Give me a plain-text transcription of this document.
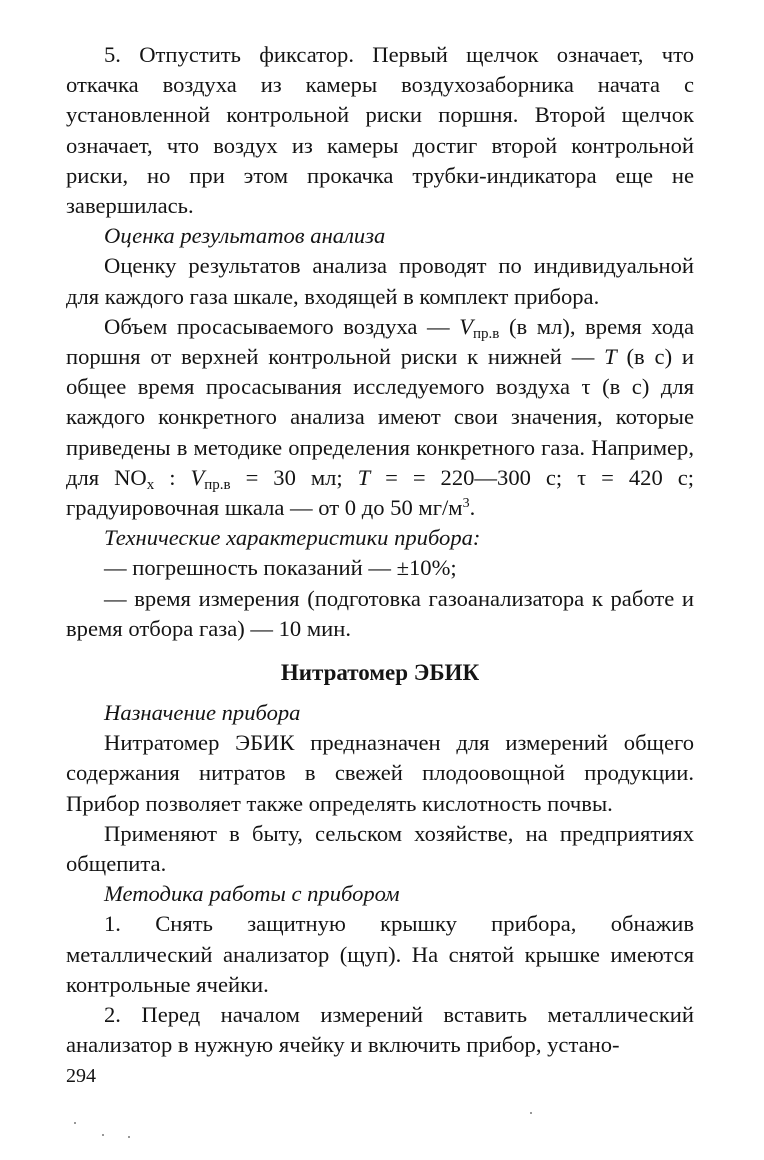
5. Отпустить фиксатор. Первый щелчок означает, что откачка воздуха из камеры воздухозаборника начата с установленной контрольной риски поршня. Второй щелчок означает, что воздух из камеры достиг второй контрольной риски, но при этом прокачка трубки-индикатора еще не завершилась.

Оценка результатов анализа

Оценку результатов анализа проводят по индивидуальной для каждого газа шкале, входящей в комплект прибора.

Объем просасываемого воздуха — $V_{пр.в}$ (в мл), время хода поршня от верхней контрольной риски к нижней — T (в с) и общее время просасывания исследуемого воздуха τ (в с) для каждого конкретного анализа имеют свои значения, которые приведены в методике определения конкретного газа. Например, для $NO_x$ : $V_{пр.в} = 30$ мл; T = = 220—300 с; τ = 420 с; градуировочная шкала — от 0 до 50 $мг/м^3$.

Технические характеристики прибора:

— погрешность показаний — ±10%;

— время измерения (подготовка газоанализатора к работе и время отбора газа) — 10 мин.

Нитратомер ЭБИК

Назначение прибора

Нитратомер ЭБИК предназначен для измерений общего содержания нитратов в свежей плодоовощной продукции. Прибор позволяет также определять кислотность почвы.

Применяют в быту, сельском хозяйстве, на предприятиях общепита.

Методика работы с прибором

1. Снять защитную крышку прибора, обнажив металлический анализатор (щуп). На снятой крышке имеются контрольные ячейки.

2. Перед началом измерений вставить металлический анализатор в нужную ячейку и включить прибор, устано-

294
